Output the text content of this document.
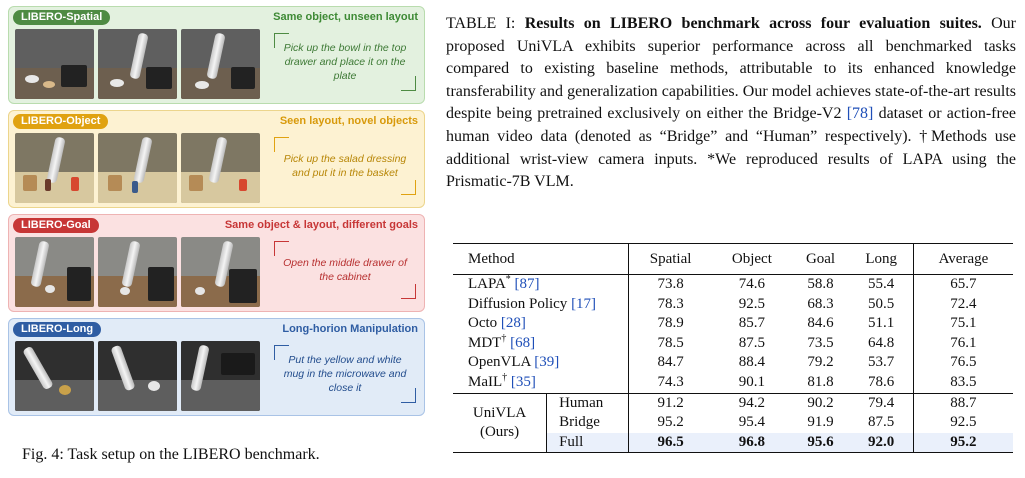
LIBERO-Spatial	Same object, unseen layout
Pick up the bowl in the top drawer and place it on the plate
LIBERO-Object	Seen layout, novel objects
Pick up the salad dressing and put it in the basket
LIBERO-Goal	Same object & layout, different goals
Open the middle drawer of the cabinet
LIBERO-Long	Long-horion Manipulation
Put the yellow and white mug in the microwave and close it
Fig. 4: Task setup on the LIBERO benchmark.
TABLE I: Results on LIBERO benchmark across four evaluation suites. Our proposed UniVLA exhibits superior performance across all benchmarked tasks compared to existing baseline methods, attributable to its enhanced knowledge transferability and generalization capabilities. Our model achieves state-of-the-art results despite being pretrained exclusively on either the Bridge-V2 [78] dataset or action-free human video data (denoted as “Bridge” and “Human” respectively). †Methods use additional wrist-view camera inputs. *We reproduced results of LAPA using the Prismatic-7B VLM.
Method		Spatial	Object	Goal	Long	Average
LAPA* [87]		73.8	74.6	58.8	55.4	65.7
Diffusion Policy [17]		78.3	92.5	68.3	50.5	72.4
Octo [28]		78.9	85.7	84.6	51.1	75.1
MDT† [68]		78.5	87.5	73.5	64.8	76.1
OpenVLA [39]		84.7	88.4	79.2	53.7	76.5
MaIL† [35]		74.3	90.1	81.8	78.6	83.5

UniVLA
(Ours)	Human	91.2	94.2	90.2	79.4	88.7
	Bridge	95.2	95.4	91.9	87.5	92.5
	Full	96.5	96.8	95.6	92.0	95.2
